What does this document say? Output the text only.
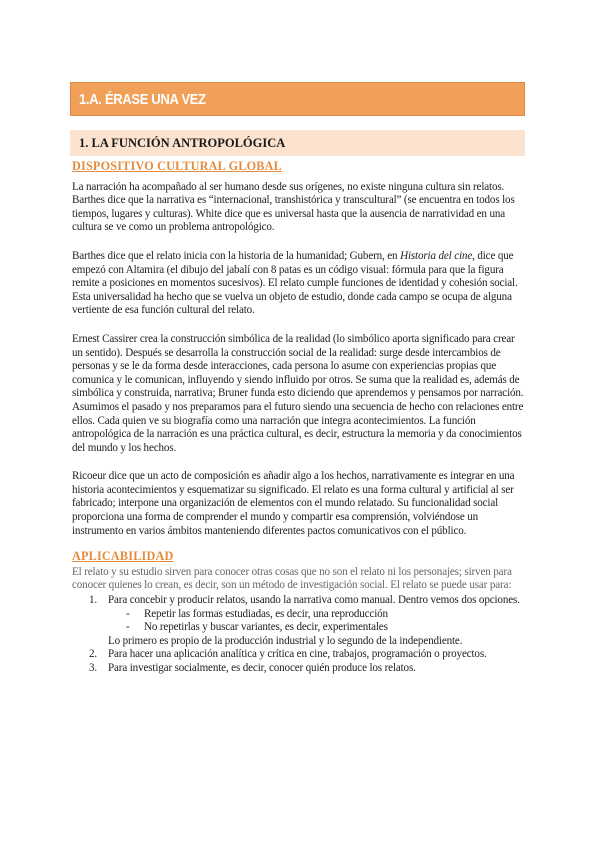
1.A. ÉRASE UNA VEZ
1. LA FUNCIÓN ANTROPOLÓGICA

DISPOSITIVO CULTURAL GLOBAL

La narración ha acompañado al ser humano desde sus orígenes, no existe ninguna cultura sin relatos. Barthes dice que la narrativa es “internacional, transhistórica y transcultural” (se encuentra en todos los tiempos, lugares y culturas). White dice que es universal hasta que la ausencia de narratividad en una cultura se ve como un problema antropológico.

Barthes dice que el relato inicia con la historia de la humanidad; Gubern, en Historia del cine, dice que empezó con Altamira (el dibujo del jabalí con 8 patas es un código visual: fórmula para que la figura remite a posiciones en momentos sucesivos). El relato cumple funciones de identidad y cohesión social. Esta universalidad ha hecho que se vuelva un objeto de estudio, donde cada campo se ocupa de alguna vertiente de esa función cultural del relato.

Ernest Cassirer crea la construcción simbólica de la realidad (lo simbólico aporta significado para crear un sentido). Después se desarrolla la construcción social de la realidad: surge desde intercambios de personas y se le da forma desde interacciones, cada persona lo asume con experiencias propias que comunica y le comunican, influyendo y siendo influido por otros. Se suma que la realidad es, además de simbólica y construida, narrativa; Bruner funda esto diciendo que aprendemos y pensamos por narración. Asumimos el pasado y nos preparamos para el futuro siendo una secuencia de hecho con relaciones entre ellos. Cada quien ve su biografía como una narración que integra acontecimientos. La función antropológica de la narración es una práctica cultural, es decir, estructura la memoria y da conocimientos del mundo y los hechos.

Ricoeur dice que un acto de composición es añadir algo a los hechos, narrativamente es integrar en una historia acontecimientos y esquematizar su significado. El relato es una forma cultural y artificial al ser fabricado; interpone una organización de elementos con el mundo relatado. Su funcionalidad social proporciona una forma de comprender el mundo y compartir esa comprensión, volviéndose un instrumento en varios ámbitos manteniendo diferentes pactos comunicativos con el público.

APLICABILIDAD

El relato y su estudio sirven para conocer otras cosas que no son el relato ni los personajes; sirven para conocer quienes lo crean, es decir, son un método de investigación social. El relato se puede usar para:

1. Para concebir y producir relatos, usando la narrativa como manual. Dentro vemos dos opciones.
- Repetir las formas estudiadas, es decir, una reproducción
- No repetirlas y buscar variantes, es decir, experimentales
Lo primero es propio de la producción industrial y lo segundo de la independiente.
2. Para hacer una aplicación analítica y crítica en cine, trabajos, programación o proyectos.
3. Para investigar socialmente, es decir, conocer quién produce los relatos.
